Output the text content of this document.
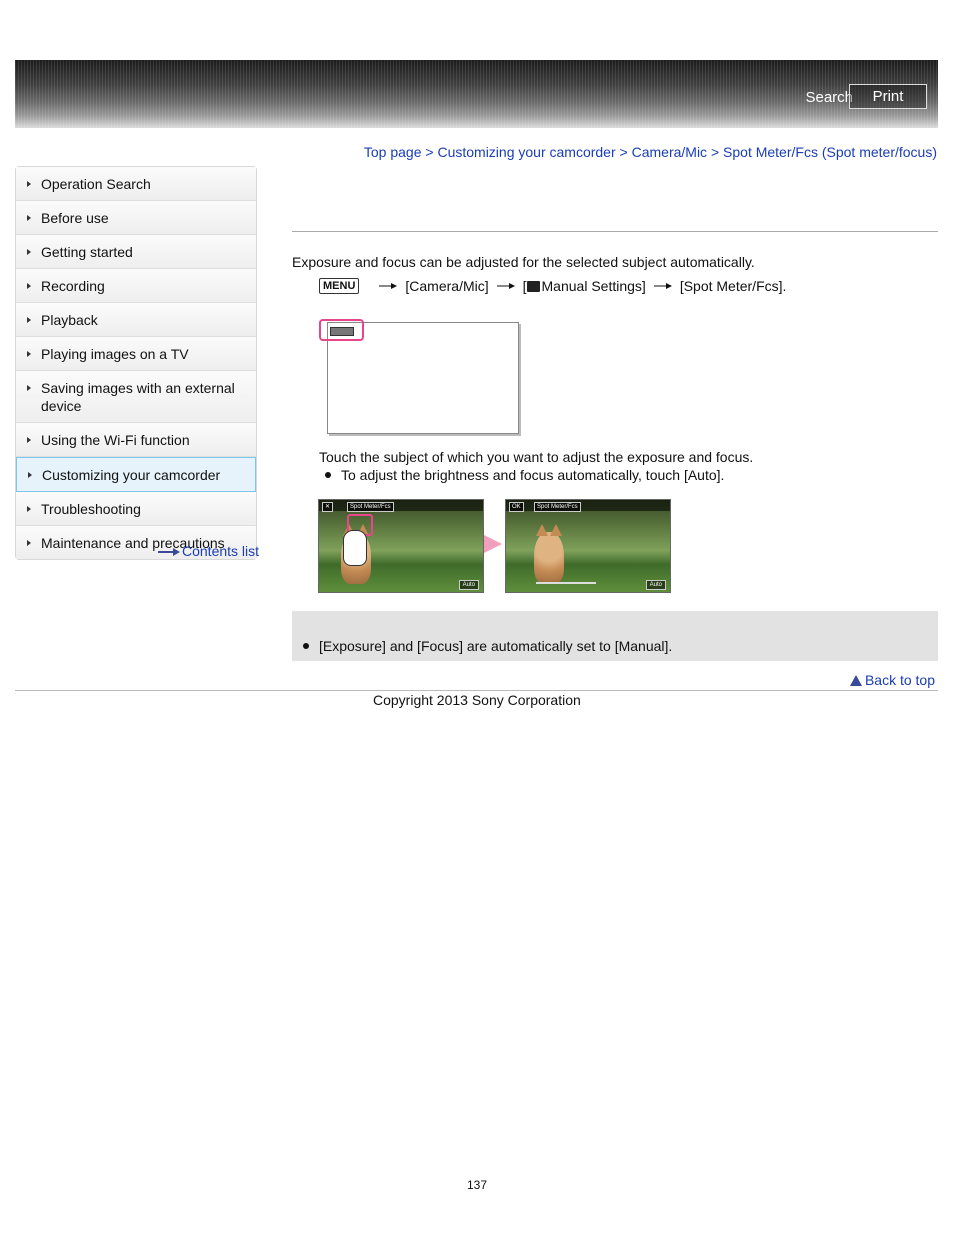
Search	Print
Top page > Customizing your camcorder > Camera/Mic > Spot Meter/Fcs (Spot meter/focus)
Operation Search
Before use
Getting started
Recording
Playback
Playing images on a TV
Saving images with an external device
Using the Wi-Fi function
Customizing your camcorder
Troubleshooting
Maintenance and precautions
Contents list
Exposure and focus can be adjusted for the selected subject automatically.
MENU	[Camera/Mic] [ Manual Settings] [Spot Meter/Fcs].
Touch the subject of which you want to adjust the exposure and focus.
To adjust the brightness and focus automatically, touch [Auto].
✕	Spot Meter/Fcs
Auto
OK	Spot Meter/Fcs
Auto
[Exposure] and [Focus] are automatically set to [Manual].
Back to top
Copyright 2013 Sony Corporation
137
